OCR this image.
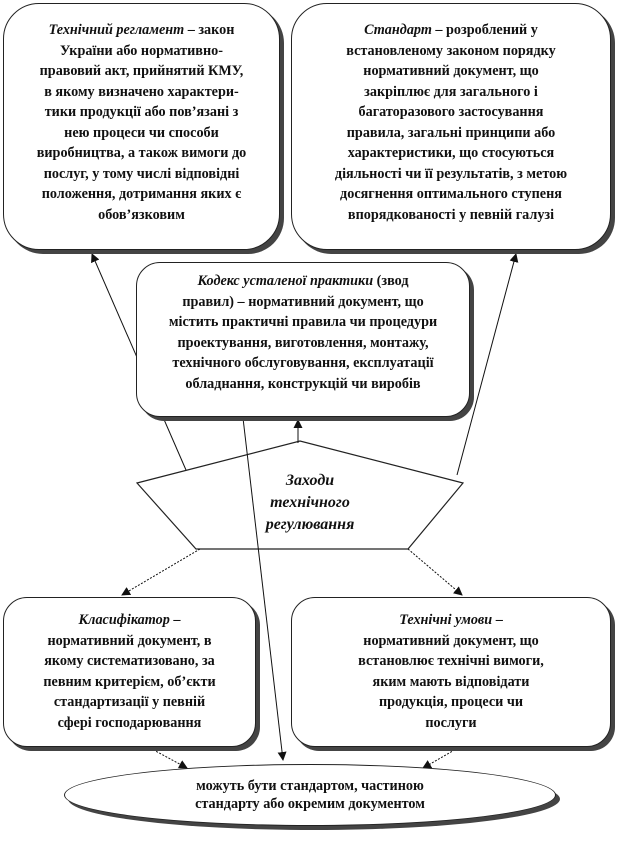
Заходи
технічного
регулювання

Технічний регламент – закон

України або нормативно-

правовий акт, прийнятий КМУ,

в якому визначено характери-

тики продукції або пов’язані з

нею процеси чи способи

виробництва, а також вимоги до

послуг, у тому числі відповідні

положення, дотримання яких є

обов’язковим

Стандарт – розроблений у

встановленому законом порядку

нормативний документ, що

закріплює для загального і

багаторазового застосування

правила, загальні принципи або

характеристики, що стосуються

діяльності чи її результатів, з метою

досягнення оптимального ступеня

впорядкованості у певній галузі

Кодекс усталеної практики (звод

правил) – нормативний документ, що

містить практичні правила чи процедури

проектування, виготовлення, монтажу,

технічного обслуговування, експлуатації

обладнання, конструкцій чи виробів

Класифікатор –

нормативний документ, в

якому систематизовано, за

певним критерієм, об’єкти

стандартизації у певній

сфері господарювання

Технічні умови –

нормативний документ, що

встановлює технічні вимоги,

яким мають відповідати

продукція, процеси чи

послуги

можуть бути стандартом, частиною
стандарту або окремим документом
